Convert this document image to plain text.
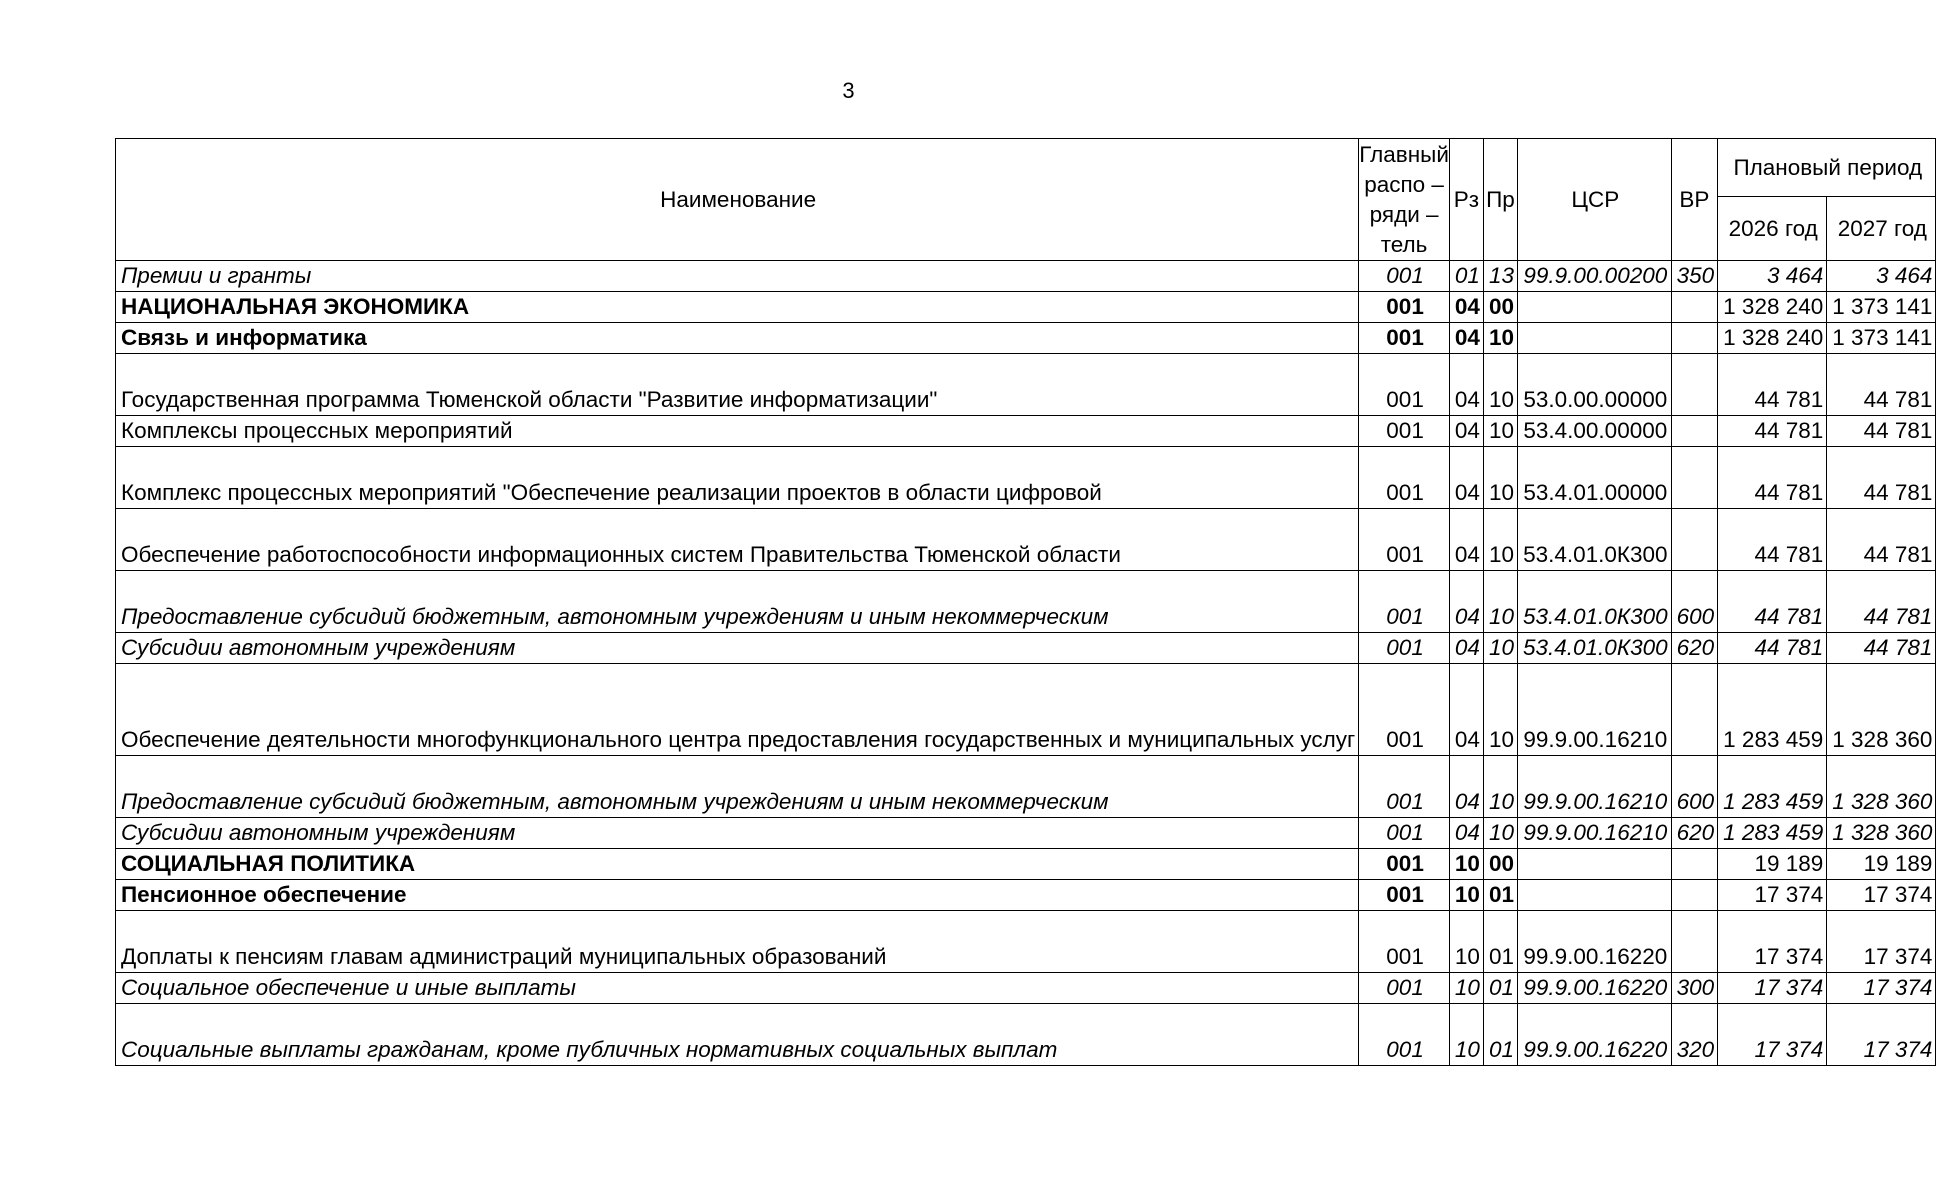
3
Наименование	Главный
распо –
ряди –
тель	Рз	Пр	ЦСР	ВР	Плановый период	
						2026 год	2027 год
Премии и гранты	001	01	13	99.9.00.00200	350	3 464	3 464
НАЦИОНАЛЬНАЯ ЭКОНОМИКА	001	04	00			1 328 240	1 373 141
Связь и информатика	001	04	10			1 328 240	1 373 141
Государственная программа Тюменской области "Развитие информатизации"	001	04	10	53.0.00.00000		44 781	44 781
Комплексы процессных мероприятий	001	04	10	53.4.00.00000		44 781	44 781
Комплекс процессных мероприятий "Обеспечение реализации проектов в области цифровой	001	04	10	53.4.01.00000		44 781	44 781
Обеспечение работоспособности информационных систем Правительства Тюменской области	001	04	10	53.4.01.0К300		44 781	44 781
Предоставление субсидий бюджетным, автономным учреждениям и иным некоммерческим	001	04	10	53.4.01.0К300	600	44 781	44 781
Субсидии автономным учреждениям	001	04	10	53.4.01.0К300	620	44 781	44 781
Обеспечение деятельности многофункционального центра предоставления государственных и муниципальных услуг	001	04	10	99.9.00.16210		1 283 459	1 328 360
Предоставление субсидий бюджетным, автономным учреждениям и иным некоммерческим	001	04	10	99.9.00.16210	600	1 283 459	1 328 360
Субсидии автономным учреждениям	001	04	10	99.9.00.16210	620	1 283 459	1 328 360
СОЦИАЛЬНАЯ ПОЛИТИКА	001	10	00			19 189	19 189
Пенсионное обеспечение	001	10	01			17 374	17 374
Доплаты к пенсиям главам администраций муниципальных образований	001	10	01	99.9.00.16220		17 374	17 374
Социальное обеспечение и иные выплаты	001	10	01	99.9.00.16220	300	17 374	17 374
Социальные выплаты гражданам, кроме публичных нормативных социальных выплат	001	10	01	99.9.00.16220	320	17 374	17 374
